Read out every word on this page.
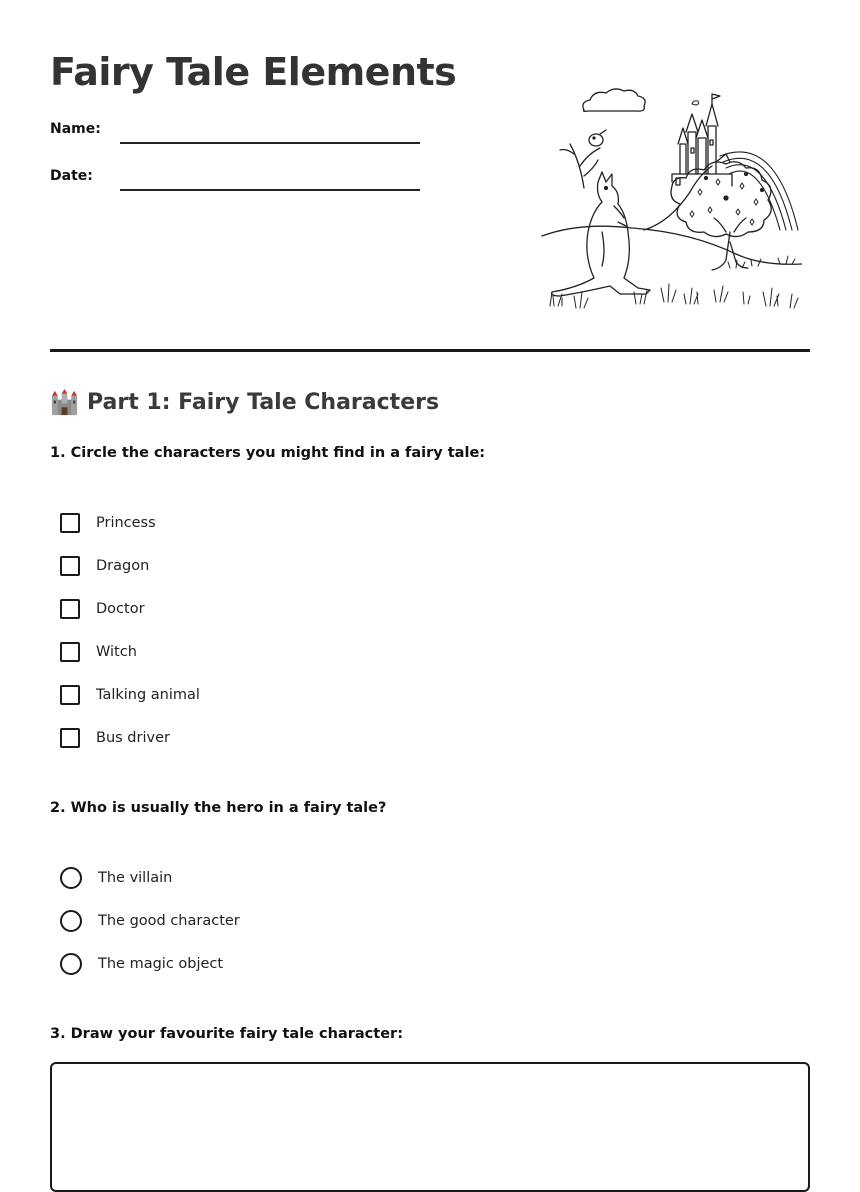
Fairy Tale Elements
Name:
Date:
Part 1: Fairy Tale Characters
1. Circle the characters you might find in a fairy tale:
Princess
Dragon
Doctor
Witch
Talking animal
Bus driver
2. Who is usually the hero in a fairy tale?
The villain
The good character
The magic object
3. Draw your favourite fairy tale character:
